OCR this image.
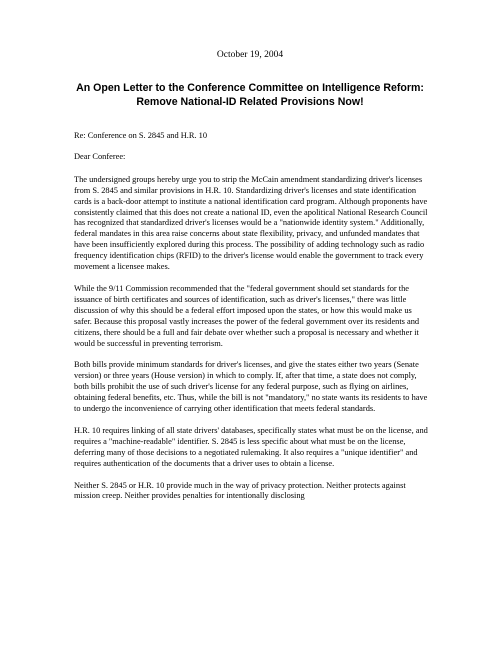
October 19, 2004
An Open Letter to the Conference Committee on Intelligence Reform:
Remove National-ID Related Provisions Now!

Re: Conference on S. 2845 and H.R. 10

Dear Conferee:

The undersigned groups hereby urge you to strip the McCain amendment standardizing driver's licenses from S. 2845 and similar provisions in H.R. 10. Standardizing driver's licenses and state identification cards is a back-door attempt to institute a national identification card program. Although proponents have consistently claimed that this does not create a national ID, even the apolitical National Research Council has recognized that standardized driver's licenses would be a "nationwide identity system." Additionally, federal mandates in this area raise concerns about state flexibility, privacy, and unfunded mandates that have been insufficiently explored during this process. The possibility of adding technology such as radio frequency identification chips (RFID) to the driver's license would enable the government to track every movement a licensee makes.

While the 9/11 Commission recommended that the "federal government should set standards for the issuance of birth certificates and sources of identification, such as driver's licenses," there was little discussion of why this should be a federal effort imposed upon the states, or how this would make us safer. Because this proposal vastly increases the power of the federal government over its residents and citizens, there should be a full and fair debate over whether such a proposal is necessary and whether it would be successful in preventing terrorism.

Both bills provide minimum standards for driver's licenses, and give the states either two years (Senate version) or three years (House version) in which to comply. If, after that time, a state does not comply, both bills prohibit the use of such driver's license for any federal purpose, such as flying on airlines, obtaining federal benefits, etc. Thus, while the bill is not "mandatory," no state wants its residents to have to undergo the inconvenience of carrying other identification that meets federal standards.

H.R. 10 requires linking of all state drivers' databases, specifically states what must be on the license, and requires a "machine-readable" identifier. S. 2845 is less specific about what must be on the license, deferring many of those decisions to a negotiated rulemaking. It also requires a "unique identifier" and requires authentication of the documents that a driver uses to obtain a license.

Neither S. 2845 or H.R. 10 provide much in the way of privacy protection. Neither protects against mission creep. Neither provides penalties for intentionally disclosing
